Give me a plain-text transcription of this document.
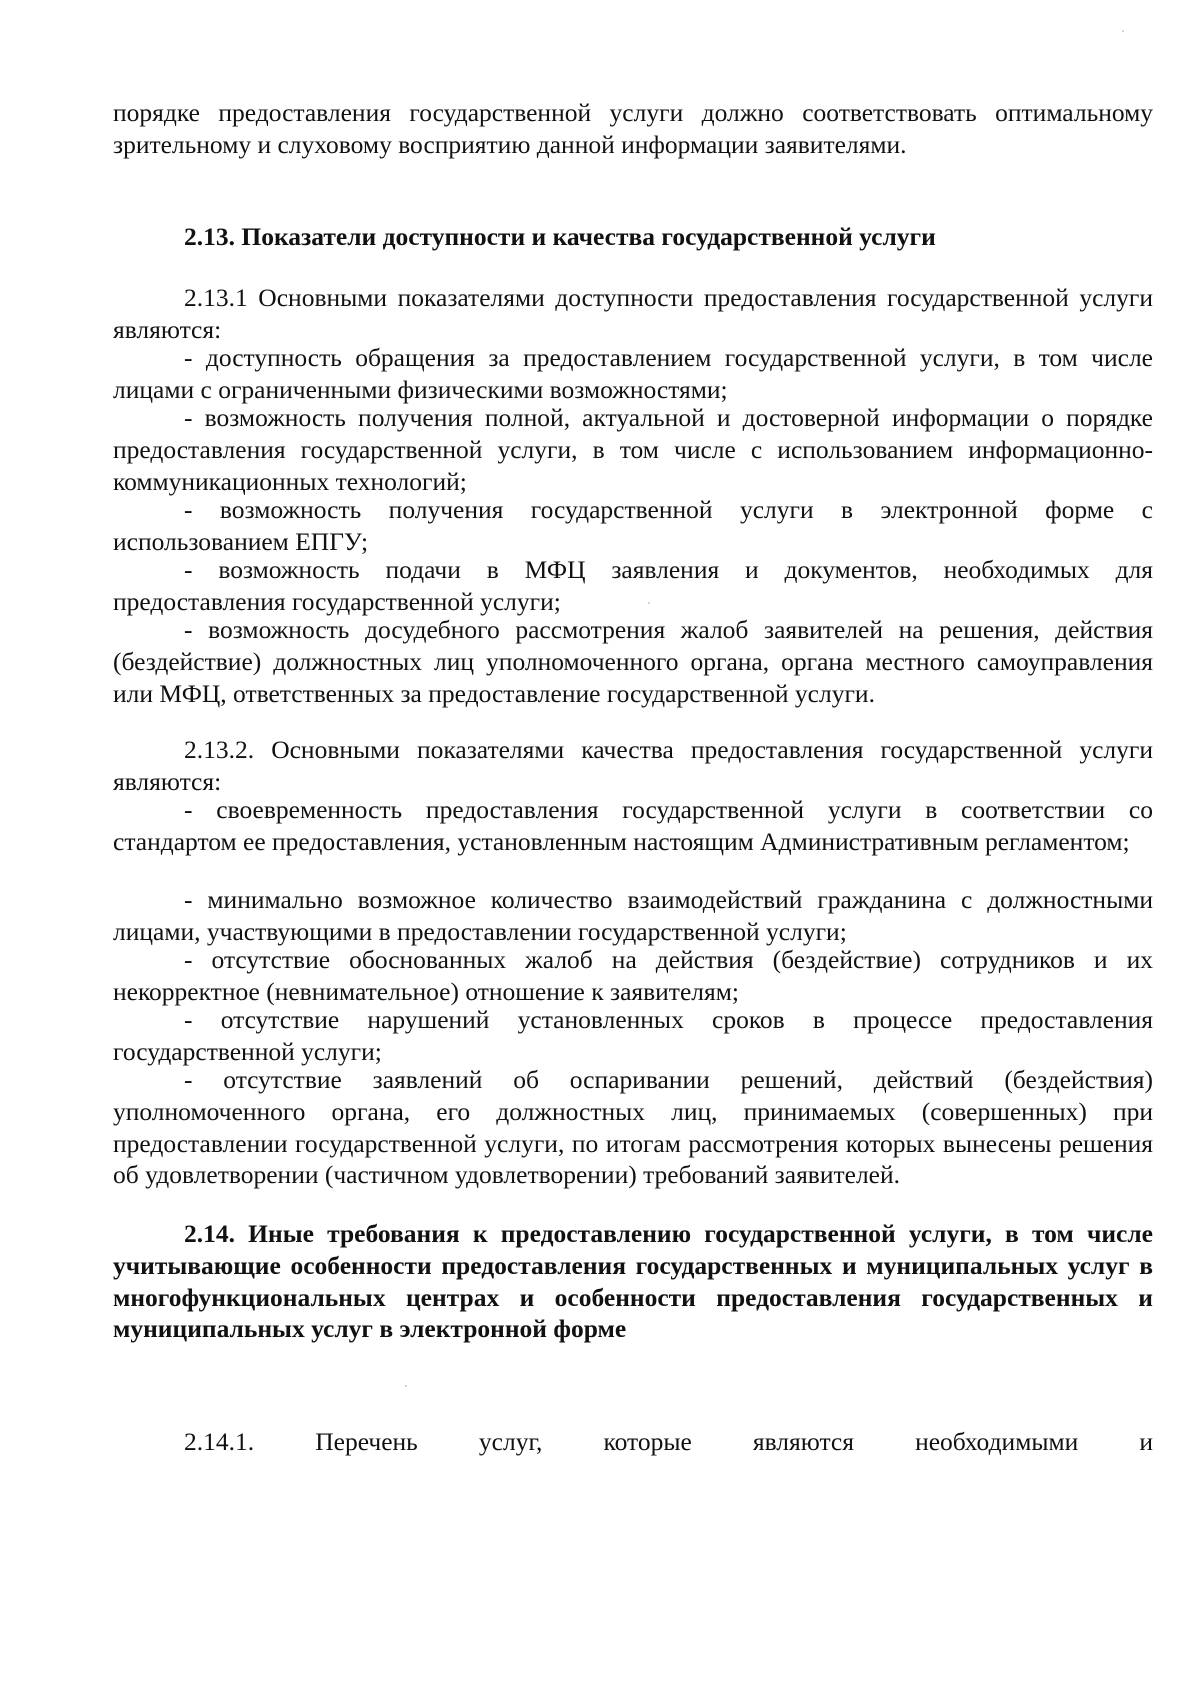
порядке предоставления государственной услуги должно соответствовать оптимальному зрительному и слуховому восприятию данной информации заявителями.

2.13. Показатели доступности и качества государственной услуги

2.13.1 Основными показателями доступности предоставления государственной услуги являются:

- доступность обращения за предоставлением государственной услуги, в том числе лицами с ограниченными физическими возможностями;

- возможность получения полной, актуальной и достоверной информации о порядке предоставления государственной услуги, в том числе с использованием информационно-коммуникационных технологий;

- возможность получения государственной услуги в электронной форме с использованием ЕПГУ;

- возможность подачи в МФЦ заявления и документов, необходимых для предоставления государственной услуги;

- возможность досудебного рассмотрения жалоб заявителей на решения, действия (бездействие) должностных лиц уполномоченного органа, органа местного самоуправления или МФЦ, ответственных за предоставление государственной услуги.

2.13.2. Основными показателями качества предоставления государственной услуги являются:

- своевременность предоставления государственной услуги в соответствии со стандартом ее предоставления, установленным настоящим Административным регламентом;

- минимально возможное количество взаимодействий гражданина с должностными лицами, участвующими в предоставлении государственной услуги;

- отсутствие обоснованных жалоб на действия (бездействие) сотрудников и их некорректное (невнимательное) отношение к заявителям;

- отсутствие нарушений установленных сроков в процессе предоставления государственной услуги;

- отсутствие заявлений об оспаривании решений, действий (бездействия) уполномоченного органа, его должностных лиц, принимаемых (совершенных) при предоставлении государственной услуги, по итогам рассмотрения которых вынесены решения об удовлетворении (частичном удовлетворении) требований заявителей.

2.14. Иные требования к предоставлению государственной услуги, в том числе учитывающие особенности предоставления государственных и муниципальных услуг в многофункциональных центрах и особенности предоставления государственных и муниципальных услуг в электронной форме

2.14.1. Перечень услуг, которые являются необходимыми и
